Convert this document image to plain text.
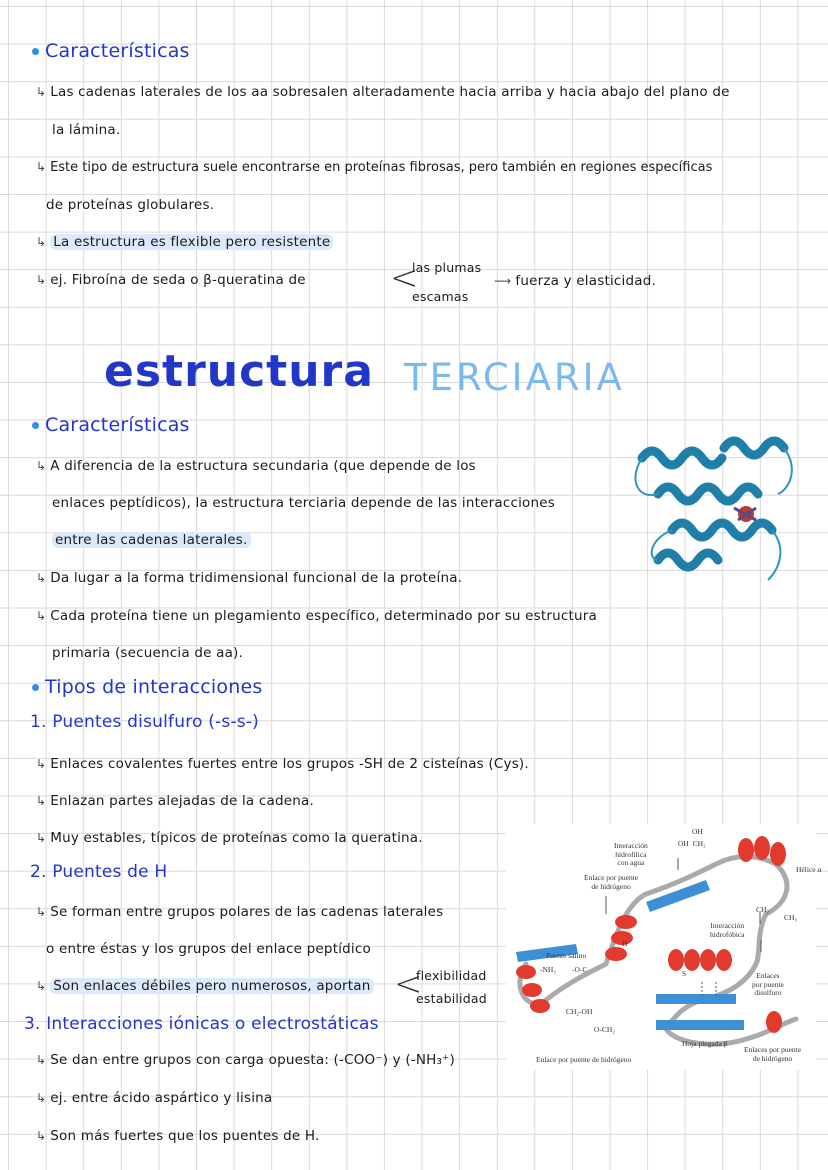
Características
↳ Las cadenas laterales de los aa sobresalen alteradamente hacia arriba y hacia abajo del plano de
la lámina.
↳ Este tipo de estructura suele encontrarse en proteínas fibrosas, pero también en regiones específicas
de proteínas globulares.
↳ La estructura es flexible pero resistente
↳ ej. Fibroína de seda o β-queratina de <
las plumas
escamas
⟶ fuerza y elasticidad.
estructura TERCIARIA
Características
↳ A diferencia de la estructura secundaria (que depende de los
enlaces peptídicos), la estructura terciaria depende de las interacciones
entre las cadenas laterales.
↳ Da lugar a la forma tridimensional funcional de la proteína.
↳ Cada proteína tiene un plegamiento específico, determinado por su estructura
primaria (secuencia de aa).
Tipos de interacciones
1. Puentes disulfuro (-s-s-)
↳ Enlaces covalentes fuertes entre los grupos -SH de 2 cisteínas (Cys).
↳ Enlazan partes alejadas de la cadena.
↳ Muy estables, típicos de proteínas como la queratina.
2. Puentes de H
↳ Se forman entre grupos polares de las cadenas laterales
o entre éstas y los grupos del enlace peptídico
↳ Son enlaces débiles pero numerosos, aportan <
flexibilidad
estabilidad
3. Interacciones iónicas o electrostáticas
↳ Se dan entre grupos con carga opuesta: (-COO⁻) y (-NH₃⁺)
↳ ej. entre ácido aspártico y lisina
↳ Son más fuertes que los puentes de H.
Interacción
hidrofílica
con agua
OH
OH  CH₂
Enlace por puente
de hidrógeno
Hélice α
CH₂
CH₃
Interacción
hidrofóbica
H
Puente salino
-NH₃ -O-C	S	Enlaces
por puente
disulfuro
CH₂-OH
O-CH₂
Hoja plegada β
Enlace por puente de hidrógeno
Enlaces por puente
de hidrógeno
